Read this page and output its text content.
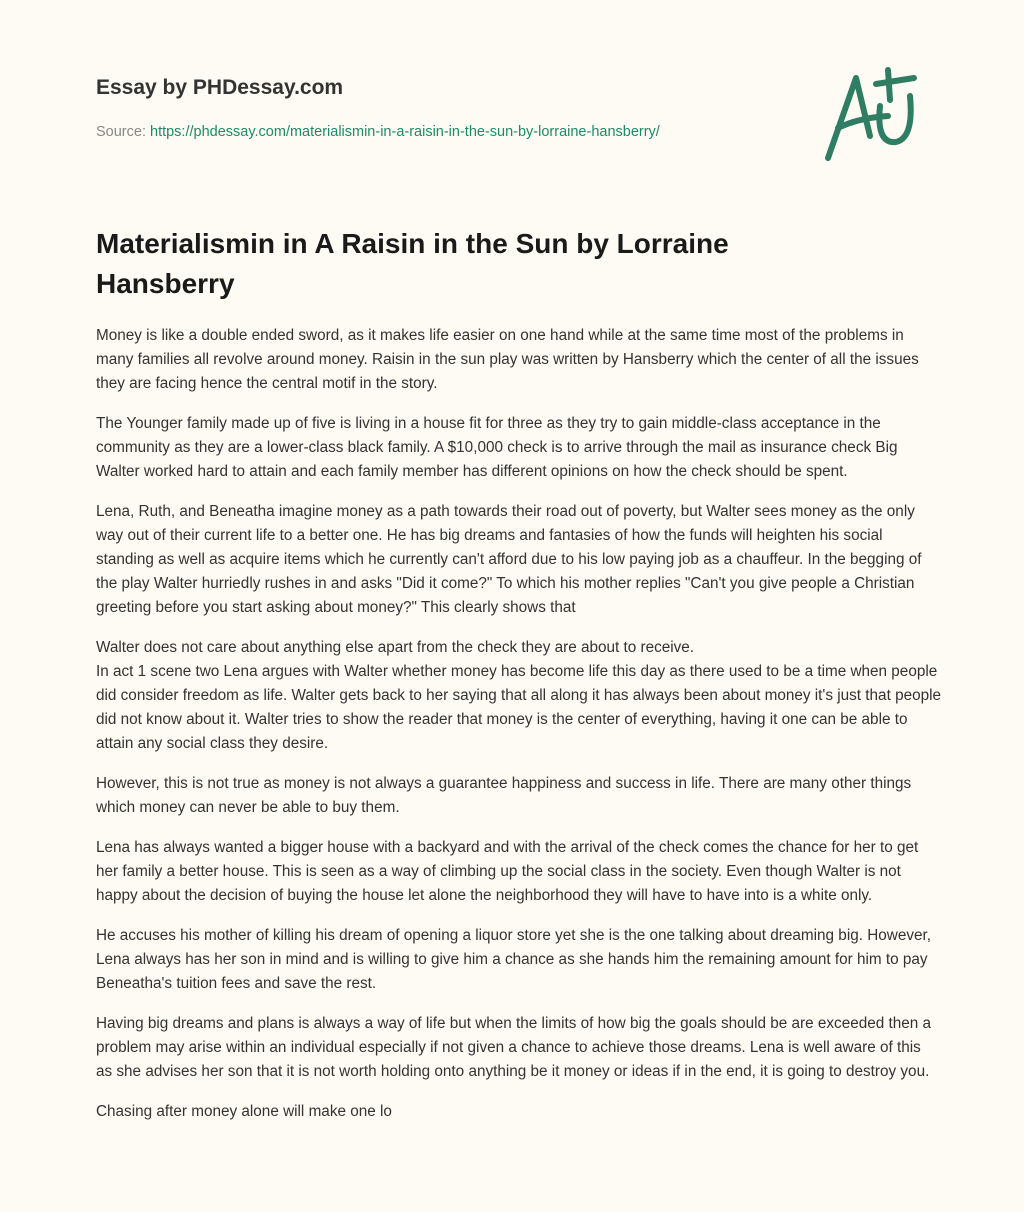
Essay by PHDessay.com
Source: https://phdessay.com/materialismin-in-a-raisin-in-the-sun-by-lorraine-hansberry/
Materialismin in A Raisin in the Sun by Lorraine Hansberry

Money is like a double ended sword, as it makes life easier on one hand while at the same time most of the problems in many families all revolve around money. Raisin in the sun play was written by Hansberry which the center of all the issues they are facing hence the central motif in the story.

The Younger family made up of five is living in a house fit for three as they try to gain middle-class acceptance in the community as they are a lower-class black family. A $10,000 check is to arrive through the mail as insurance check Big Walter worked hard to attain and each family member has different opinions on how the check should be spent.

Lena, Ruth, and Beneatha imagine money as a path towards their road out of poverty, but Walter sees money as the only way out of their current life to a better one. He has big dreams and fantasies of how the funds will heighten his social standing as well as acquire items which he currently can't afford due to his low paying job as a chauffeur. In the begging of the play Walter hurriedly rushes in and asks "Did it come?" To which his mother replies "Can't you give people a Christian greeting before you start asking about money?" This clearly shows that

Walter does not care about anything else apart from the check they are about to receive.

In act 1 scene two Lena argues with Walter whether money has become life this day as there used to be a time when people did consider freedom as life. Walter gets back to her saying that all along it has always been about money it's just that people did not know about it. Walter tries to show the reader that money is the center of everything, having it one can be able to attain any social class they desire.

However, this is not true as money is not always a guarantee happiness and success in life. There are many other things which money can never be able to buy them.

Lena has always wanted a bigger house with a backyard and with the arrival of the check comes the chance for her to get her family a better house. This is seen as a way of climbing up the social class in the society. Even though Walter is not happy about the decision of buying the house let alone the neighborhood they will have to have into is a white only.

He accuses his mother of killing his dream of opening a liquor store yet she is the one talking about dreaming big. However, Lena always has her son in mind and is willing to give him a chance as she hands him the remaining amount for him to pay Beneatha's tuition fees and save the rest.

Having big dreams and plans is always a way of life but when the limits of how big the goals should be are exceeded then a problem may arise within an individual especially if not given a chance to achieve those dreams. Lena is well aware of this as she advises her son that it is not worth holding onto anything be it money or ideas if in the end, it is going to destroy you.

Chasing after money alone will make one lo
